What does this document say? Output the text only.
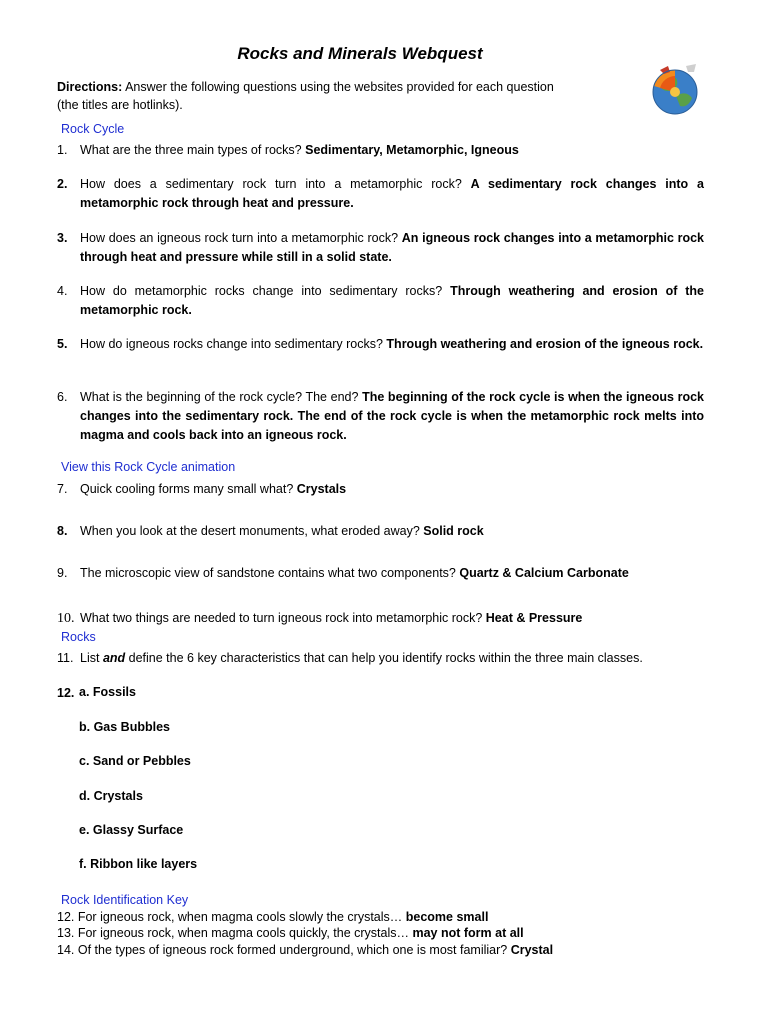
Rocks and Minerals Webquest
Directions: Answer the following questions using the websites provided for each question
(the titles are hotlinks).
Rock Cycle
1. What are the three main types of rocks? Sedimentary, Metamorphic, Igneous
2. How does a sedimentary rock turn into a metamorphic rock? A sedimentary rock changes into a metamorphic rock through heat and pressure.
3. How does an igneous rock turn into a metamorphic rock? An igneous rock changes into a metamorphic rock through heat and pressure while still in a solid state.
4. How do metamorphic rocks change into sedimentary rocks? Through weathering and erosion of the metamorphic rock.
5. How do igneous rocks change into sedimentary rocks? Through weathering and erosion of the igneous rock.
6. What is the beginning of the rock cycle? The end? The beginning of the rock cycle is when the igneous rock changes into the sedimentary rock. The end of the rock cycle is when the metamorphic rock melts into magma and cools back into an igneous rock.
View this Rock Cycle animation
7. Quick cooling forms many small what? Crystals
8. When you look at the desert monuments, what eroded away? Solid rock
9. The microscopic view of sandstone contains what two components? Quartz & Calcium Carbonate
10. What two things are needed to turn igneous rock into metamorphic rock? Heat & Pressure
Rocks
11. List and define the 6 key characteristics that can help you identify rocks within the three main classes.
12. a. Fossils
b. Gas Bubbles
c. Sand or Pebbles
d. Crystals
e. Glassy Surface
f. Ribbon like layers
Rock Identification Key
12. For igneous rock, when magma cools slowly the crystals… become small
13. For igneous rock, when magma cools quickly, the crystals… may not form at all
14. Of the types of igneous rock formed underground, which one is most familiar? Crystal
